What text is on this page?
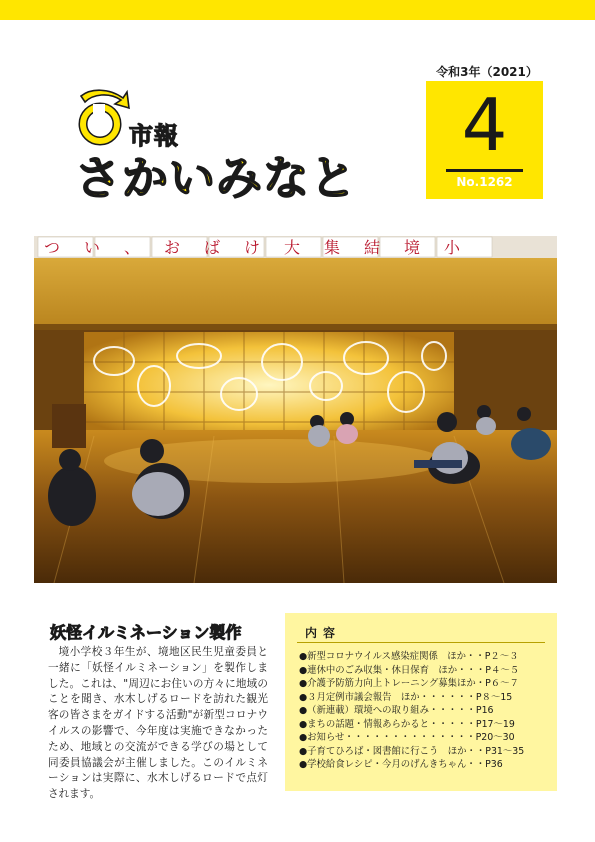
令和3年（2021）
4
No.1262
市報
さかいみなと
つい、おばけ大集結境小
妖怪イルミネーション製作
境小学校３年生が、境地区民生児童委員と一緒に「妖怪イルミネーション」を製作しました。これは、"周辺にお住いの方々に地域のことを聞き、水木しげるロードを訪れた観光客の皆さまをガイドする活動"が新型コロナウイルスの影響で、今年度は実施できなかったため、地域との交流ができる学びの場として同委員協議会が主催しました。このイルミネーションは実際に、水木しげるロードで点灯されます。
内容
●新型コロナウイルス感染症関係　ほか・・P２～３
●連休中のごみ収集・休日保育　ほか・・・P４～５
●介護予防筋力向上トレーニング募集ほか・P６～７
●３月定例市議会報告　ほか・・・・・・P８～15
●（新連載）環境への取り組み・・・・・P16
●まちの話題・情報あらかると・・・・・P17～19
●お知らせ・・・・・・・・・・・・・・P20～30
●子育てひろば・図書館に行こう　ほか・・P31～35
●学校給食レシピ・今月のげんきちゃん・・P36
